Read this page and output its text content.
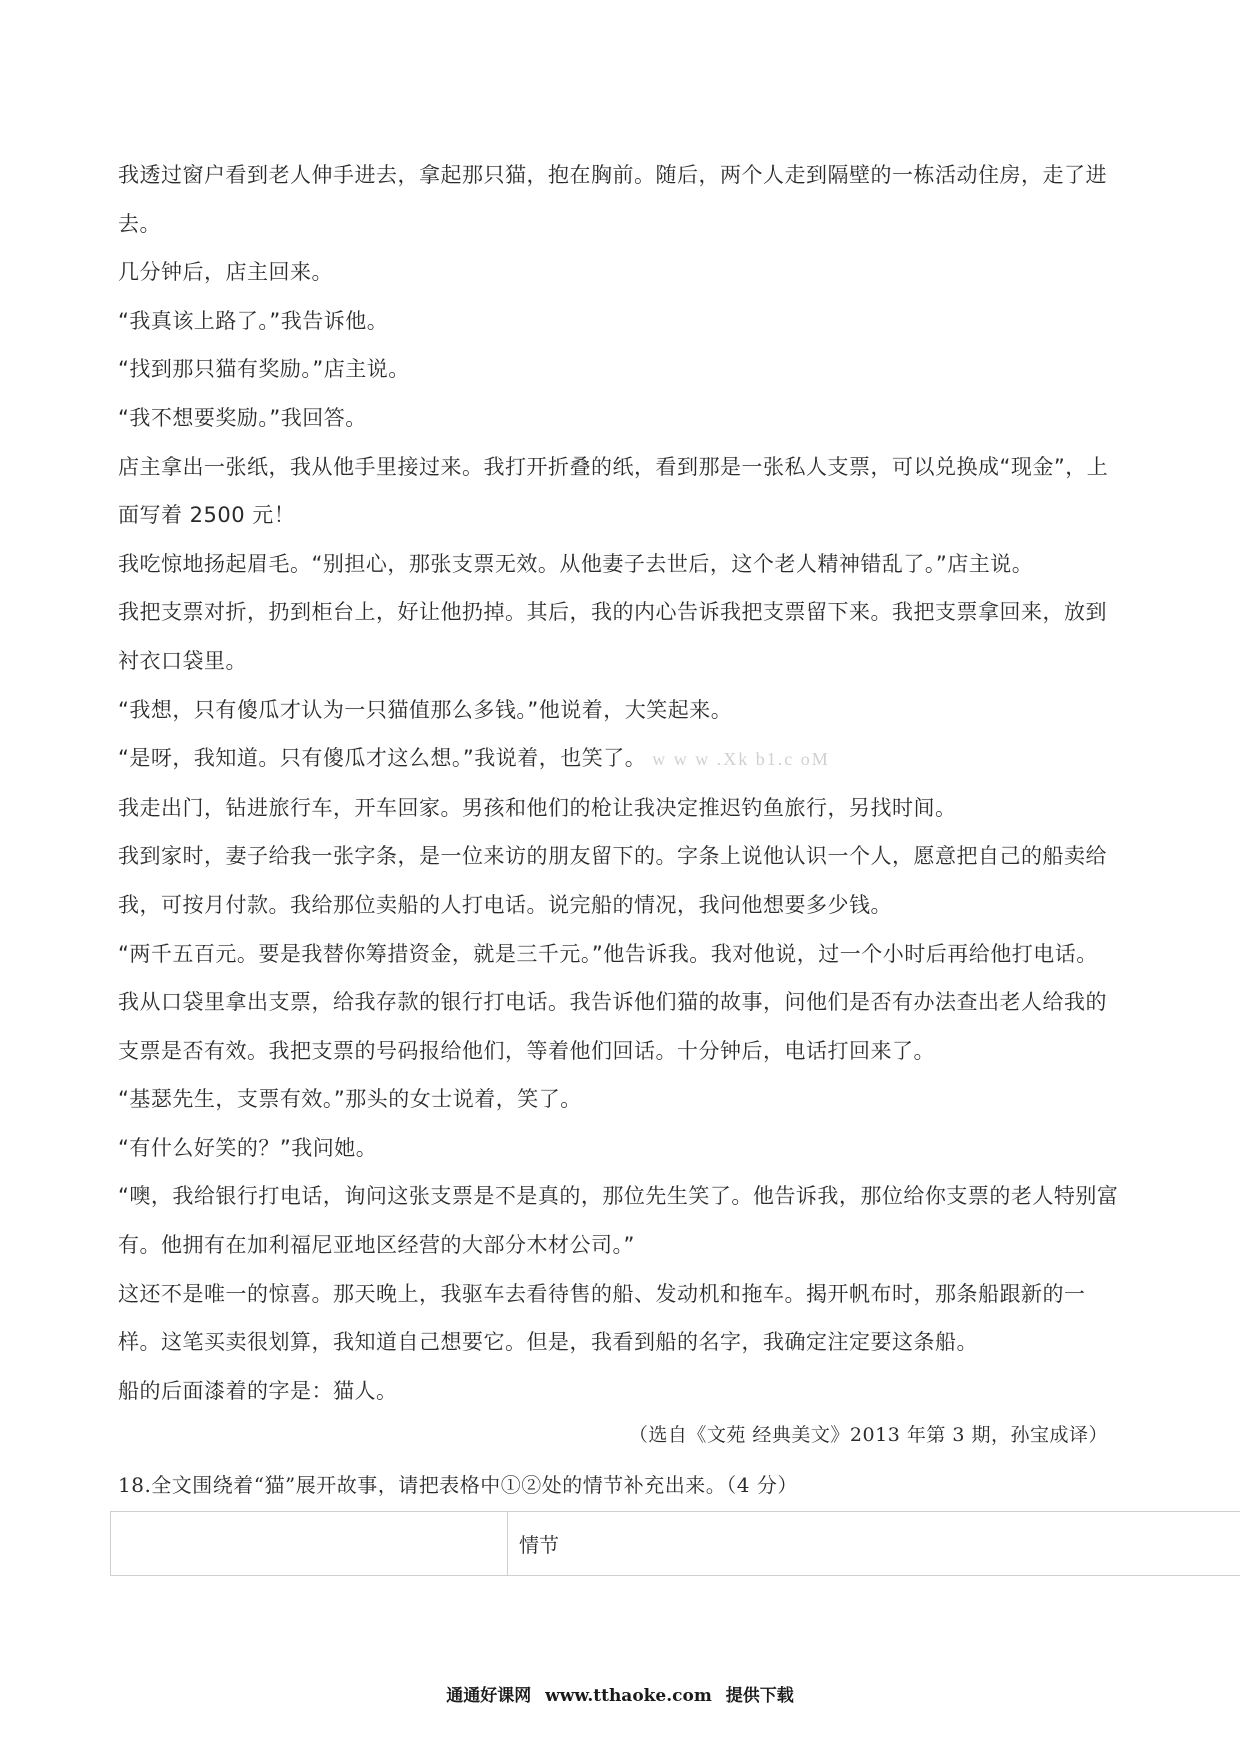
我透过窗户看到老人伸手进去，拿起那只猫，抱在胸前。随后，两个人走到隔壁的一栋活动住房，走了进去。

几分钟后，店主回来。

“我真该上路了。”我告诉他。

“找到那只猫有奖励。”店主说。

“我不想要奖励。”我回答。

店主拿出一张纸，我从他手里接过来。我打开折叠的纸，看到那是一张私人支票，可以兑换成“现金”，上面写着 2500 元！

我吃惊地扬起眉毛。“别担心，那张支票无效。从他妻子去世后，这个老人精神错乱了。”店主说。

我把支票对折，扔到柜台上，好让他扔掉。其后，我的内心告诉我把支票留下来。我把支票拿回来，放到衬衣口袋里。

“我想，只有傻瓜才认为一只猫值那么多钱。”他说着，大笑起来。

“是呀，我知道。只有傻瓜才这么想。”我说着，也笑了。 w w w .Xk b1.c oM

我走出门，钻进旅行车，开车回家。男孩和他们的枪让我决定推迟钓鱼旅行，另找时间。

我到家时，妻子给我一张字条，是一位来访的朋友留下的。字条上说他认识一个人，愿意把自己的船卖给我，可按月付款。我给那位卖船的人打电话。说完船的情况，我问他想要多少钱。

“两千五百元。要是我替你筹措资金，就是三千元。”他告诉我。我对他说，过一个小时后再给他打电话。

我从口袋里拿出支票，给我存款的银行打电话。我告诉他们猫的故事，问他们是否有办法查出老人给我的支票是否有效。我把支票的号码报给他们，等着他们回话。十分钟后，电话打回来了。

“基瑟先生，支票有效。”那头的女士说着，笑了。

“有什么好笑的？”我问她。

“噢，我给银行打电话，询问这张支票是不是真的，那位先生笑了。他告诉我，那位给你支票的老人特别富有。他拥有在加利福尼亚地区经营的大部分木材公司。”

这还不是唯一的惊喜。那天晚上，我驱车去看待售的船、发动机和拖车。揭开帆布时，那条船跟新的一样。这笔买卖很划算，我知道自己想要它。但是，我看到船的名字，我确定注定要这条船。

船的后面漆着的字是：猫人。

（选自《文苑 经典美文》2013 年第 3 期，孙宝成译）
18.全文围绕着“猫”展开故事，请把表格中①②处的情节补充出来。（4 分）
情节
通通好课网 www.tthaoke.com 提供下载
